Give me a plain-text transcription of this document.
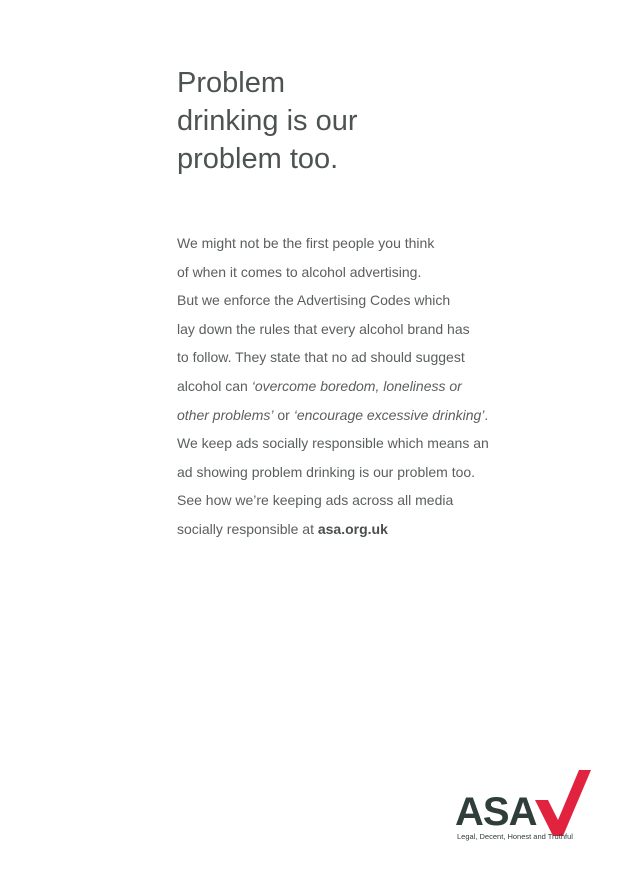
Problem
drinking is our
problem too.

We might not be the first people you think
of when it comes to alcohol advertising.
But we enforce the Advertising Codes which
lay down the rules that every alcohol brand has
to follow. They state that no ad should suggest
alcohol can ‘overcome boredom, loneliness or
other problems’ or ‘encourage excessive drinking’.
We keep ads socially responsible which means an
ad showing problem drinking is our problem too.
See how we’re keeping ads across all media
socially responsible at asa.org.uk

ASA
Legal, Decent, Honest and Truthful
